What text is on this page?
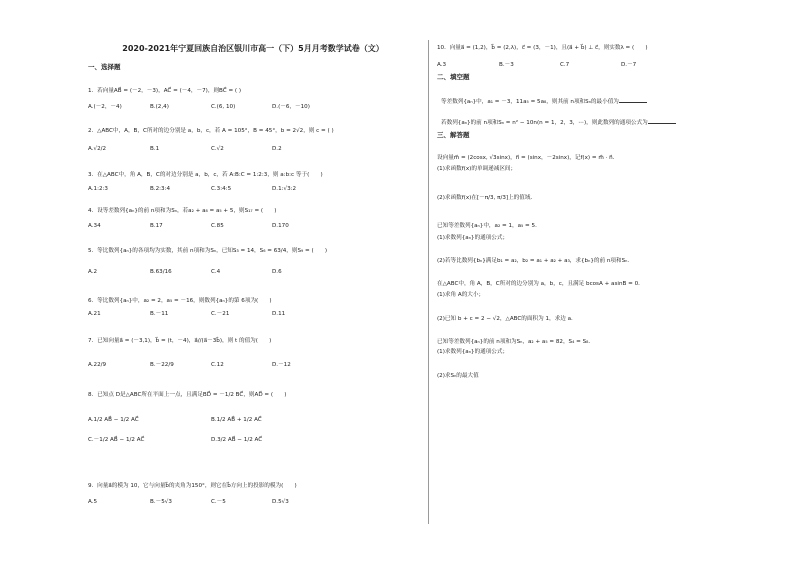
2020-2021年宁夏回族自治区银川市高一（下）5月月考数学试卷（文）
一、选择题
1．若向量AB⃗ = (－2，－3)，AC⃗ = (－4，－7)，则BC⃗ = ( )
A.(－2，－4)	B.(2,4)	C.(6, 10)	D.(－6，－10)
2．△ABC中，A，B，C所对的边分别是 a，b，c，若 A = 105°，B = 45°，b = 2√2，则 c = ( )
A.√2/2	B.1	C.√2	D.2
3．在△ABC中，角 A，B，C的对边分别是 a，b，c，若 A:B:C = 1:2:3，则 a:b:c 等于(　　)
A.1:2:3	B.2:3:4	C.3:4:5	D.1:√3:2
4．设等差数列{aₙ}的前 n项和为Sₙ，若a₂ + a₈ = a₅ + 5，则S₁₇ = (　　)
A.34	B.17	C.85	D.170
5．等比数列{aₙ}的各项均为实数，其前 n项和为Sₙ，已知S₃ = 14，S₆ = 63/4，则S₉ = (　　)
A.2	B.63/16	C.4	D.6
6．等比数列{aₙ}中，a₂ = 2，a₅ = －16，则数列{aₙ}的第 6项为(　　)
A.21	B.－11	C.－21	D.11
7．已知向量a⃗ = (－3,1)，b⃗ = (t，－4)，a⃗//(a⃗－3b⃗)，则 t 的值为(　　)
A.22/9	B.－22/9	C.12	D.－12
8．已知点 D是△ABC所在平面上一点，且满足BD⃗ = －1/2 BC⃗，则AD⃗ = (　　)
A.1/2 AB⃗ − 1/2 AC⃗	B.1/2 AB⃗ + 1/2 AC⃗
C.－1/2 AB⃗ − 1/2 AC⃗	D.3/2 AB⃗ − 1/2 AC⃗
9．向量a⃗的模为 10，它与向量b⃗的夹角为150°，则它在b⃗方向上的投影的模为(　　)
A.5	B.－5√3	C.－5	D.5√3
10．向量a⃗ = (1,2)，b⃗ = (2,λ)，c⃗ = (3，－1)，且(a⃗ + b⃗) ⊥ c⃗，则实数λ = (　　)
A.3	B.－3	C.7	D.－7
二、填空题
等差数列{aₙ}中，a₁ = －3，11a₅ = 5a₈，则其前 n项和Sₙ的最小值为
若数列{aₙ}的前 n项和Sₙ = n² − 10n(n = 1，2，3，⋯)，则此数列的通项公式为
三、解答题
设向量m⃗ = (2cosx, √3sinx)，n⃗ = (sinx，－2sinx)，记f(x) = m⃗ · n⃗．
(1)求函数f(x)的单调递减区间；
(2)求函数f(x)在[－π/3, π/3]上的值域．
已知等差数列{aₙ}中，a₂ = 1，a₅ = 5．
(1)求数列{aₙ}的通项公式；
(2)若等比数列{bₙ}满足b₁ = a₂，b₂ = a₁ + a₂ + a₃，求{bₙ}的前 n项和Sₙ．
在△ABC中，角 A，B，C所对的边分别为 a，b，c，且满足 bcosA + asinB = 0．
(1)求角 A的大小；
(2)已知 b + c = 2 − √2，△ABC的面积为 1，求边 a．
已知等差数列{aₙ}的前 n项和为Sₙ，a₂ + a₅ = 82，S₄ = S₈．
(1)求数列{aₙ}的通项公式；
(2)求Sₙ的最大值
